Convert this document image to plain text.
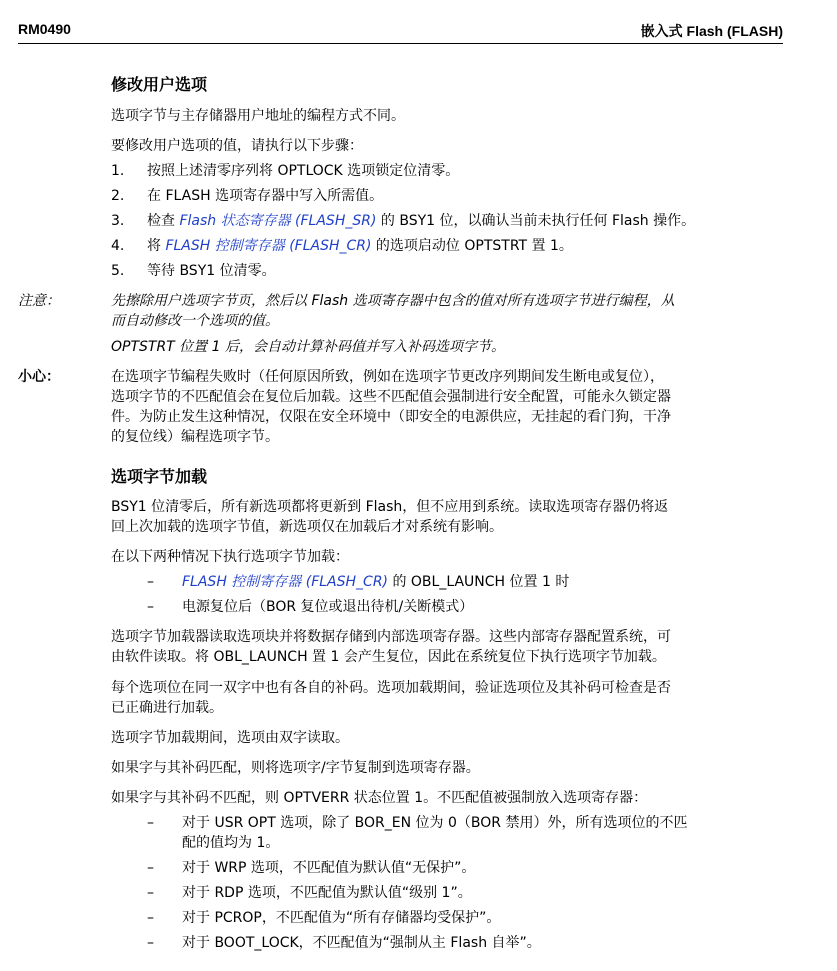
RM0490	嵌入式 Flash (FLASH)
修改用户选项
选项字节与主存储器用户地址的编程方式不同。
要修改用户选项的值，请执行以下步骤：
1. 按照上述清零序列将 OPTLOCK 选项锁定位清零。
2. 在 FLASH 选项寄存器中写入所需值。
3. 检查 Flash 状态寄存器 (FLASH_SR) 的 BSY1 位，以确认当前未执行任何 Flash 操作。
4. 将 FLASH 控制寄存器 (FLASH_CR) 的选项启动位 OPTSTRT 置 1。
5. 等待 BSY1 位清零。
注意：	先擦除用户选项字节页，然后以 Flash 选项寄存器中包含的值对所有选项字节进行编程，从
而自动修改一个选项的值。
OPTSTRT 位置 1 后，会自动计算补码值并写入补码选项字节。
小心：	在选项字节编程失败时（任何原因所致，例如在选项字节更改序列期间发生断电或复位），
选项字节的不匹配值会在复位后加载。这些不匹配值会强制进行安全配置，可能永久锁定器
件。为防止发生这种情况，仅限在安全环境中（即安全的电源供应，无挂起的看门狗，干净
的复位线）编程选项字节。
选项字节加载
BSY1 位清零后，所有新选项都将更新到 Flash，但不应用到系统。读取选项寄存器仍将返
回上次加载的选项字节值，新选项仅在加载后才对系统有影响。
在以下两种情况下执行选项字节加载：
– FLASH 控制寄存器 (FLASH_CR) 的 OBL_LAUNCH 位置 1 时
– 电源复位后（BOR 复位或退出待机/关断模式）
选项字节加载器读取选项块并将数据存储到内部选项寄存器。这些内部寄存器配置系统，可
由软件读取。将 OBL_LAUNCH 置 1 会产生复位，因此在系统复位下执行选项字节加载。
每个选项位在同一双字中也有各自的补码。选项加载期间，验证选项位及其补码可检查是否
已正确进行加载。
选项字节加载期间，选项由双字读取。
如果字与其补码匹配，则将选项字/字节复制到选项寄存器。
如果字与其补码不匹配，则 OPTVERR 状态位置 1。不匹配值被强制放入选项寄存器：
– 对于 USR OPT 选项，除了 BOR_EN 位为 0（BOR 禁用）外，所有选项位的不匹
配的值均为 1。
– 对于 WRP 选项，不匹配值为默认值“无保护”。
– 对于 RDP 选项，不匹配值为默认值“级别 1”。
– 对于 PCROP，不匹配值为“所有存储器均受保护”。
– 对于 BOOT_LOCK，不匹配值为“强制从主 Flash 自举”。
